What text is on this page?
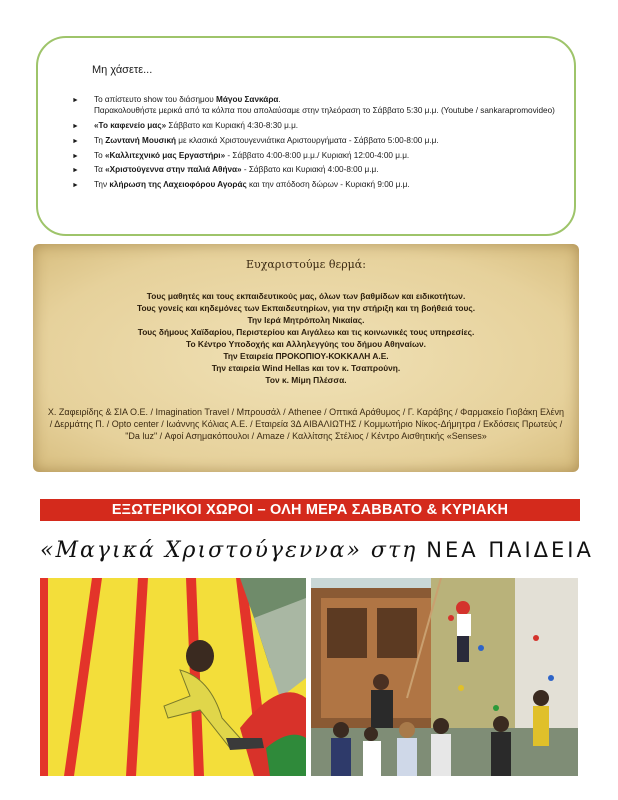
Μη χάσετε...
► Το απίστευτο show του διάσημου Μάγου Σανκάρα.
Παρακολουθήστε μερικά από τα κόλπα που απολαύσαμε στην τηλεόραση το Σάββατο 5:30 μ.μ. (Youtube / sankarapromovideo)
► «Το καφενείο μας» Σάββατο και Κυριακή 4:30-8:30 μ.μ.
► Τη Ζωντανή Μουσική με κλασικά Χριστουγεννιάτικα Αριστουργήματα - Σάββατο 5:00-8:00 μ.μ.
► Το «Καλλιτεχνικό μας Εργαστήρι» - Σάββατο 4:00-8:00 μ.μ./ Κυριακή 12:00-4:00 μ.μ.
► Τα «Χριστούγεννα στην παλιά Αθήνα» - Σάββατο και Κυριακή 4:00-8:00 μ.μ.
► Την κλήρωση της Λαχειοφόρου Αγοράς και την απόδοση δώρων - Κυριακή 9:00 μ.μ.
Ευχαριστούμε θερμά:
Τους μαθητές και τους εκπαιδευτικούς μας, όλων των βαθμίδων και ειδικοτήτων.
Τους γονείς και κηδεμόνες των Εκπαιδευτηρίων, για την στήριξη και τη βοήθειά τους.
Την Ιερά Μητρόπολη Νικαίας.
Τους δήμους Χαϊδαρίου, Περιστερίου και Αιγάλεω και τις κοινωνικές τους υπηρεσίες.
Το Κέντρο Υποδοχής και Αλληλεγγύης του δήμου Αθηναίων.
Την Εταιρεία ΠΡΟΚΟΠΙΟΥ-ΚΟΚΚΑΛΗ Α.Ε.
Την εταιρεία Wind Hellas και τον κ. Τσαπρούνη.
Τον κ. Μίμη Πλέσσα.
Χ. Ζαφειρίδης & ΣΙΑ Ο.Ε. / Imagination Travel / Μπρουσάλ / Athenee / Οπτικά Αράθυμος / Γ. Καράβης / Φαρμακείο Γιοβάκη Ελένη / Δερμάτης Π. / Opto center / Ιωάννης Κόλιας Α.Ε. / Εταιρεία 3Δ ΑΙΒΑΛΙΩΤΗΣ / Κομμωτήριο Νίκος-Δήμητρα / Εκδόσεις Πρωτεύς / "Da luz" / Αφοί Ασημακόπουλοι / Amaze / Καλλίτσης Στέλιος / Κέντρο Αισθητικής «Senses»
ΕΞΩΤΕΡΙΚΟΙ ΧΩΡΟΙ – ΟΛΗ ΜΕΡΑ ΣΑΒΒΑΤΟ & ΚΥΡΙΑΚΗ
«Μαγικά Χριστούγεννα» στη ΝΕΑ ΠΑΙΔΕΙΑ
